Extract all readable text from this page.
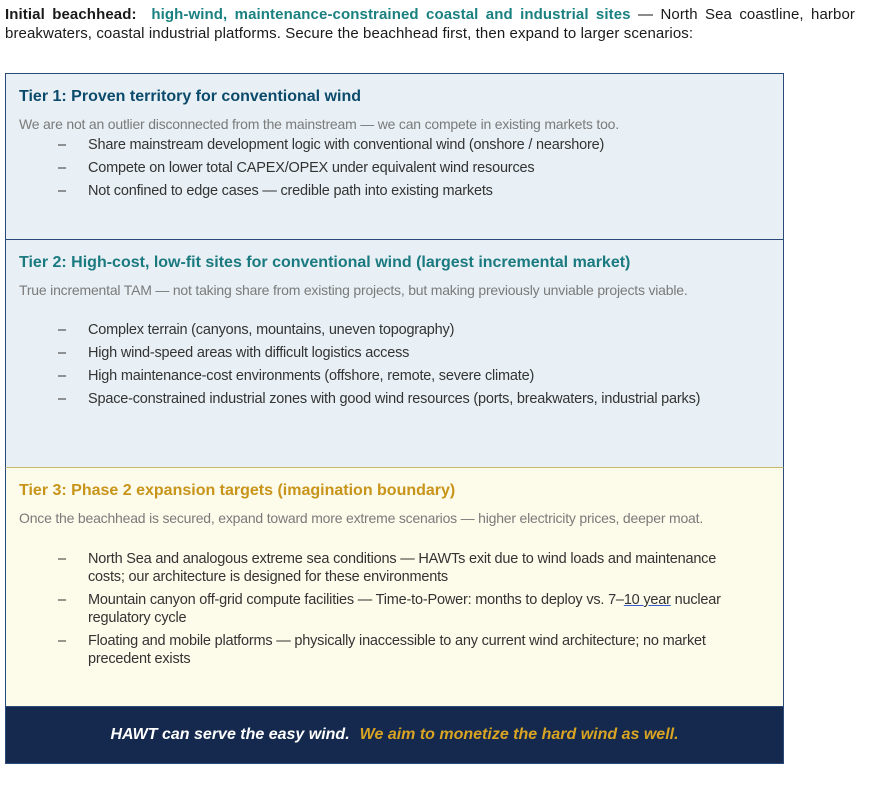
Initial beachhead: high-wind, maintenance-constrained coastal and industrial sites — North Sea coastline, harbor breakwaters, coastal industrial platforms. Secure the beachhead first, then expand to larger scenarios:
Tier 1: Proven territory for conventional wind
We are not an outlier disconnected from the mainstream — we can compete in existing markets too.
– Share mainstream development logic with conventional wind (onshore / nearshore)
– Compete on lower total CAPEX/OPEX under equivalent wind resources
– Not confined to edge cases — credible path into existing markets
Tier 2: High-cost, low-fit sites for conventional wind (largest incremental market)
True incremental TAM — not taking share from existing projects, but making previously unviable projects viable.
– Complex terrain (canyons, mountains, uneven topography)
– High wind-speed areas with difficult logistics access
– High maintenance-cost environments (offshore, remote, severe climate)
– Space-constrained industrial zones with good wind resources (ports, breakwaters, industrial parks)
Tier 3: Phase 2 expansion targets (imagination boundary)
Once the beachhead is secured, expand toward more extreme scenarios — higher electricity prices, deeper moat.
– North Sea and analogous extreme sea conditions — HAWTs exit due to wind loads and maintenance costs; our architecture is designed for these environments
– Mountain canyon off-grid compute facilities — Time-to-Power: months to deploy vs. 7–10 year nuclear regulatory cycle
– Floating and mobile platforms — physically inaccessible to any current wind architecture; no market precedent exists
HAWT can serve the easy wind. We aim to monetize the hard wind as well.
